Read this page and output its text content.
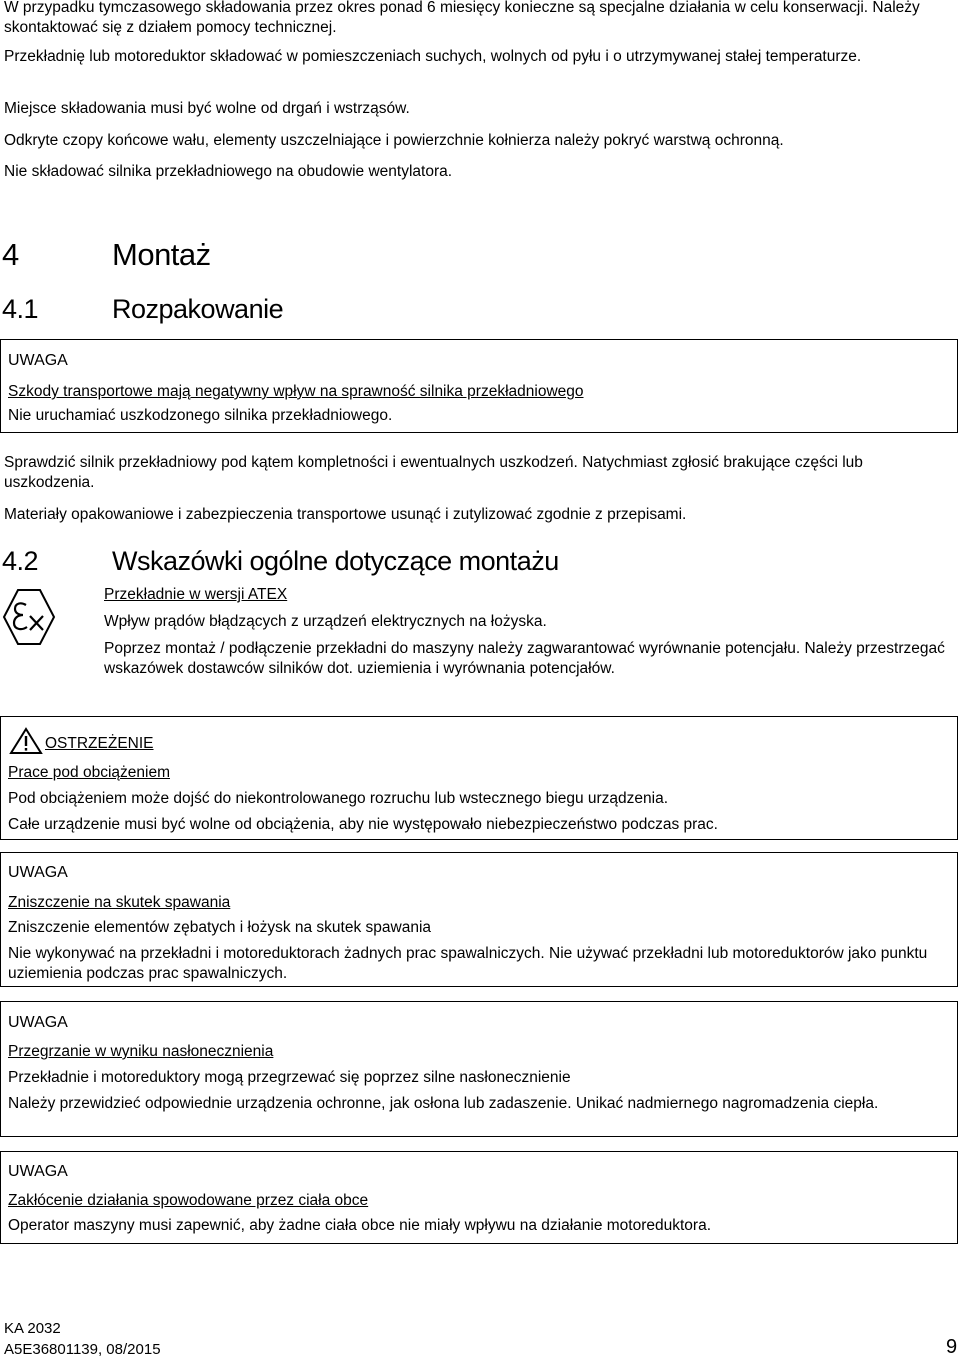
W przypadku tymczasowego składowania przez okres ponad 6 miesięcy konieczne są specjalne działania w celu konserwacji. Należy skontaktować się z działem pomocy technicznej.
Przekładnię lub motoreduktor składować w pomieszczeniach suchych, wolnych od pyłu i o utrzymywanej stałej temperaturze.
Miejsce składowania musi być wolne od drgań i wstrząsów.
Odkryte czopy końcowe wału, elementy uszczelniające i powierzchnie kołnierza należy pokryć warstwą ochronną.
Nie składować silnika przekładniowego na obudowie wentylatora.
4	Montaż
4.1	Rozpakowanie
UWAGA
Szkody transportowe mają negatywny wpływ na sprawność silnika przekładniowego
Nie uruchamiać uszkodzonego silnika przekładniowego.
Sprawdzić silnik przekładniowy pod kątem kompletności i ewentualnych uszkodzeń. Natychmiast zgłosić brakujące części lub uszkodzenia.
Materiały opakowaniowe i zabezpieczenia transportowe usunąć i zutylizować zgodnie z przepisami.
4.2	Wskazówki ogólne dotyczące montażu
Przekładnie w wersji ATEX
Wpływ prądów błądzących z urządzeń elektrycznych na łożyska.
Poprzez montaż / podłączenie przekładni do maszyny należy zagwarantować wyrównanie potencjału. Należy przestrzegać wskazówek dostawców silników dot. uziemienia i wyrównania potencjałów.
OSTRZEŻENIE
Prace pod obciążeniem
Pod obciążeniem może dojść do niekontrolowanego rozruchu lub wstecznego biegu urządzenia.
Całe urządzenie musi być wolne od obciążenia, aby nie występowało niebezpieczeństwo podczas prac.
UWAGA
Zniszczenie na skutek spawania
Zniszczenie elementów zębatych i łożysk na skutek spawania
Nie wykonywać na przekładni i motoreduktorach żadnych prac spawalniczych. Nie używać przekładni lub motoreduktorów jako punktu uziemienia podczas prac spawalniczych.
UWAGA
Przegrzanie w wyniku nasłonecznienia
Przekładnie i motoreduktory mogą przegrzewać się poprzez silne nasłonecznienie
Należy przewidzieć odpowiednie urządzenia ochronne, jak osłona lub zadaszenie. Unikać nadmiernego nagromadzenia ciepła.
UWAGA
Zakłócenie działania spowodowane przez ciała obce
Operator maszyny musi zapewnić, aby żadne ciała obce nie miały wpływu na działanie motoreduktora.
KA 2032
A5E36801139, 08/2015	9
